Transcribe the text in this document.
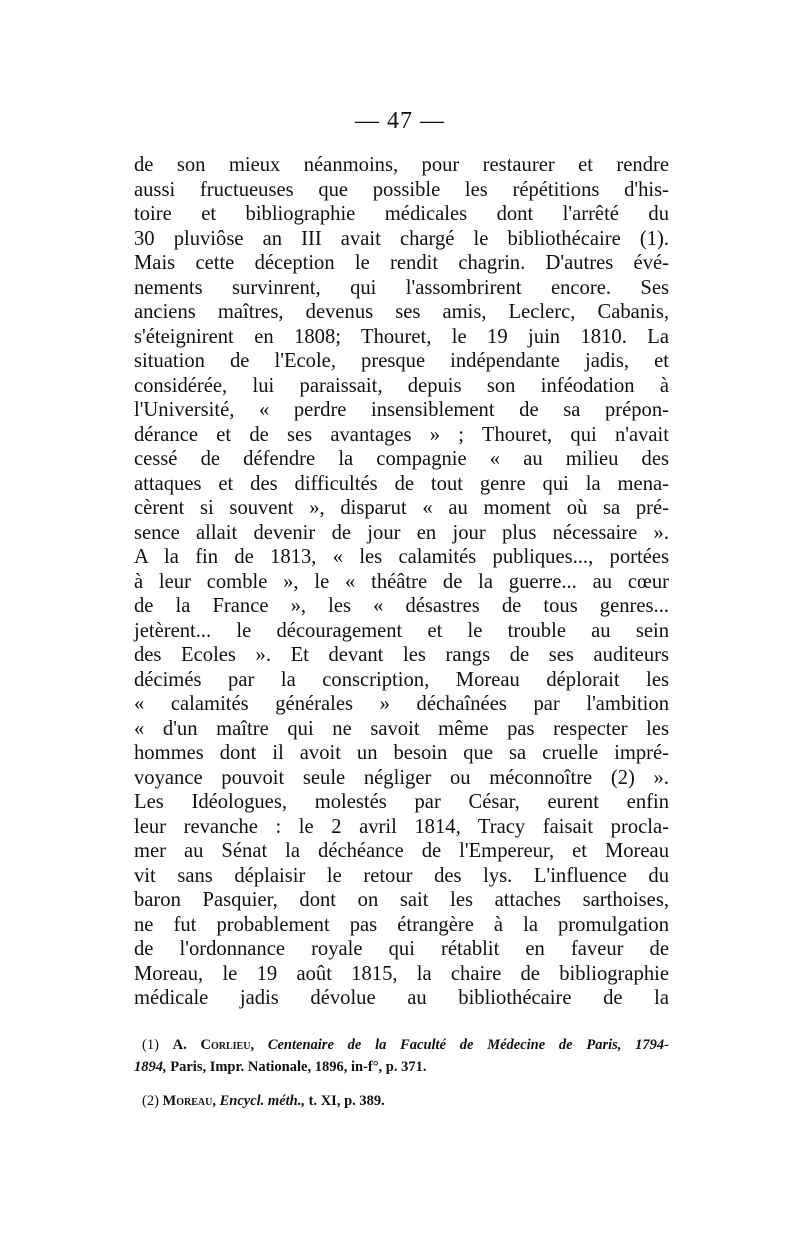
— 47 —
de son mieux néanmoins, pour restaurer et rendre
aussi fructueuses que possible les répétitions d'his-
toire et bibliographie médicales dont l'arrêté du
30 pluviôse an III avait chargé le bibliothécaire (1).
Mais cette déception le rendit chagrin. D'autres évé-
nements survinrent, qui l'assombrirent encore. Ses
anciens maîtres, devenus ses amis, Leclerc, Cabanis,
s'éteignirent en 1808; Thouret, le 19 juin 1810. La
situation de l'Ecole, presque indépendante jadis, et
considérée, lui paraissait, depuis son inféodation à
l'Université, « perdre insensiblement de sa prépon-
dérance et de ses avantages » ; Thouret, qui n'avait
cessé de défendre la compagnie « au milieu des
attaques et des difficultés de tout genre qui la mena-
cèrent si souvent », disparut « au moment où sa pré-
sence allait devenir de jour en jour plus nécessaire ».
A la fin de 1813, « les calamités publiques..., portées
à leur comble », le « théâtre de la guerre... au cœur
de la France », les « désastres de tous genres...
jetèrent... le découragement et le trouble au sein
des Ecoles ». Et devant les rangs de ses auditeurs
décimés par la conscription, Moreau déplorait les
« calamités générales » déchaînées par l'ambition
« d'un maître qui ne savoit même pas respecter les
hommes dont il avoit un besoin que sa cruelle impré-
voyance pouvoit seule négliger ou méconnoître (2) ».
Les Idéologues, molestés par César, eurent enfin
leur revanche : le 2 avril 1814, Tracy faisait procla-
mer au Sénat la déchéance de l'Empereur, et Moreau
vit sans déplaisir le retour des lys. L'influence du
baron Pasquier, dont on sait les attaches sarthoises,
ne fut probablement pas étrangère à la promulgation
de l'ordonnance royale qui rétablit en faveur de
Moreau, le 19 août 1815, la chaire de bibliographie
médicale jadis dévolue au bibliothécaire de la
(1) A. Corlieu, Centenaire de la Faculté de Médecine de Paris, 1794-
1894, Paris, Impr. Nationale, 1896, in-f°, p. 371.
(2) Moreau, Encycl. méth., t. XI, p. 389.
